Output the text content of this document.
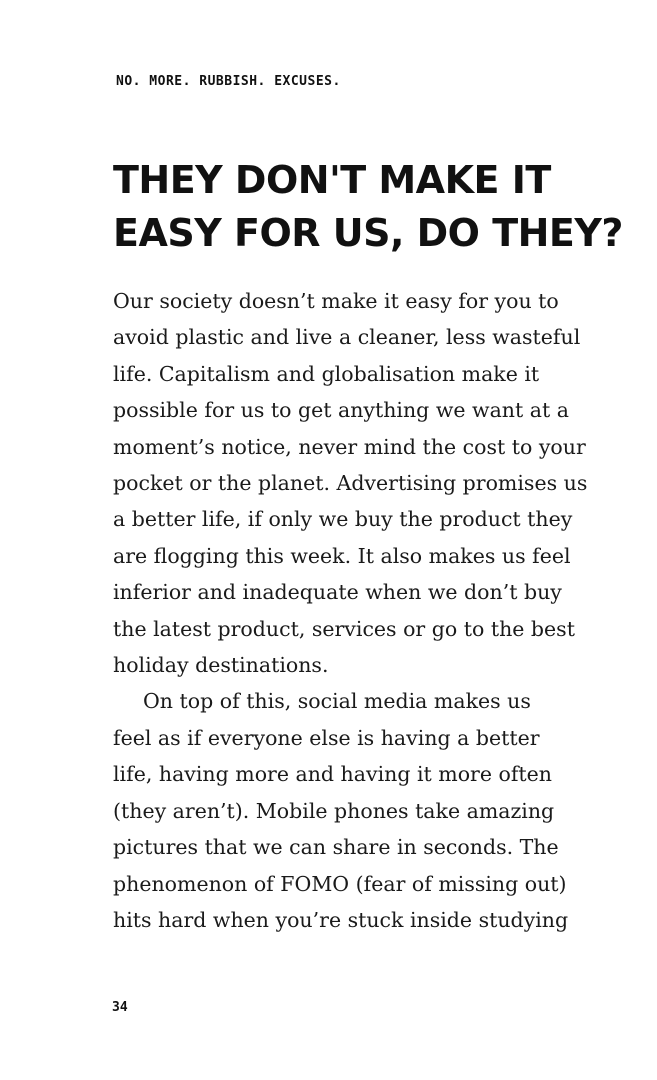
NO. MORE. RUBBISH. EXCUSES.
THEY DON'T MAKE IT
EASY FOR US, DO THEY?
Our society doesn’t make it easy for you to
avoid plastic and live a cleaner, less wasteful
life. Capitalism and globalisation make it
possible for us to get anything we want at a
moment’s notice, never mind the cost to your
pocket or the planet. Advertising promises us
a better life, if only we buy the product they
are flogging this week. It also makes us feel
inferior and inadequate when we don’t buy
the latest product, services or go to the best
holiday destinations.
On top of this, social media makes us
feel as if everyone else is having a better
life, having more and having it more often
(they aren’t). Mobile phones take amazing
pictures that we can share in seconds. The
phenomenon of FOMO (fear of missing out)
hits hard when you’re stuck inside studying
34
